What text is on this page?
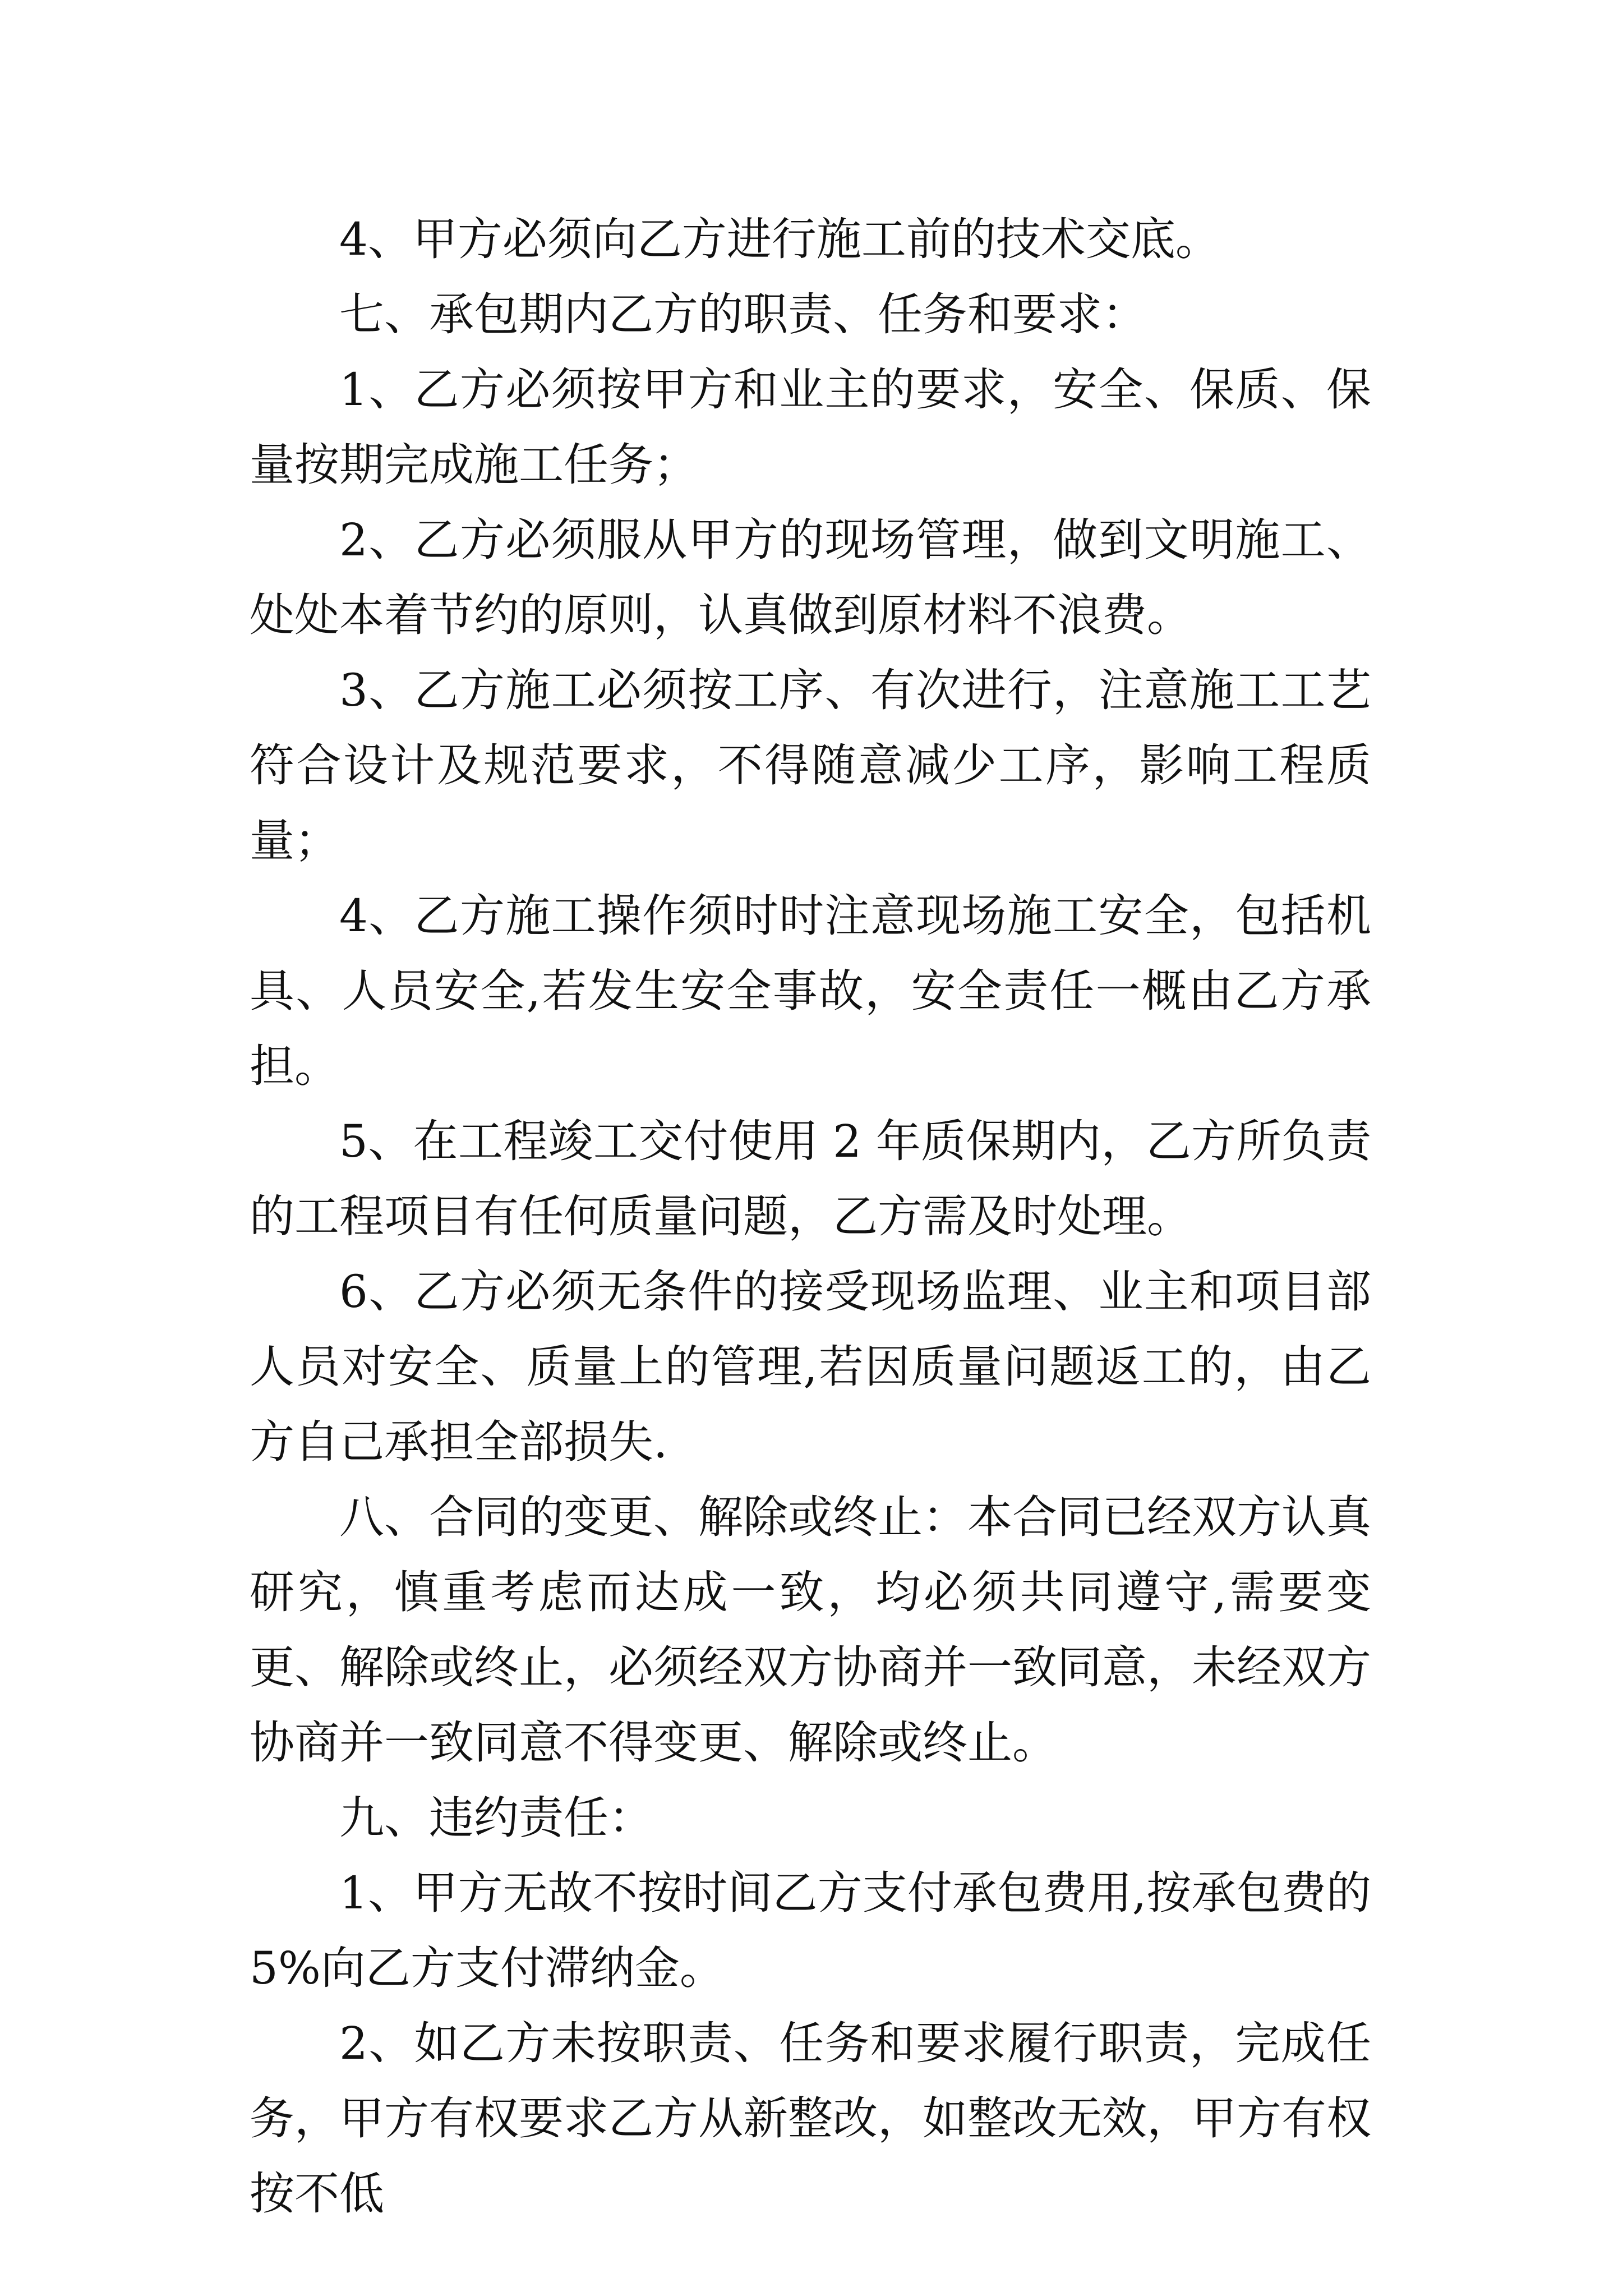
4、甲方必须向乙方进行施工前的技术交底。

七、承包期内乙方的职责、任务和要求：

1、乙方必须按甲方和业主的要求，安全、保质、保量按期完成施工任务；

2、乙方必须服从甲方的现场管理，做到文明施工、处处本着节约的原则，认真做到原材料不浪费。

3、乙方施工必须按工序、有次进行，注意施工工艺符合设计及规范要求，不得随意减少工序，影响工程质量；

4、乙方施工操作须时时注意现场施工安全，包括机具、人员安全,若发生安全事故，安全责任一概由乙方承担。

5、在工程竣工交付使用 2 年质保期内，乙方所负责的工程项目有任何质量问题，乙方需及时处理。

6、乙方必须无条件的接受现场监理、业主和项目部人员对安全、质量上的管理,若因质量问题返工的，由乙方自己承担全部损失.

八、合同的变更、解除或终止：本合同已经双方认真研究，慎重考虑而达成一致，均必须共同遵守,需要变更、解除或终止，必须经双方协商并一致同意，未经双方协商并一致同意不得变更、解除或终止。

九、违约责任：

1、甲方无故不按时间乙方支付承包费用,按承包费的 5%向乙方支付滞纳金。

2、如乙方未按职责、任务和要求履行职责，完成任务，甲方有权要求乙方从新整改，如整改无效，甲方有权按不低
